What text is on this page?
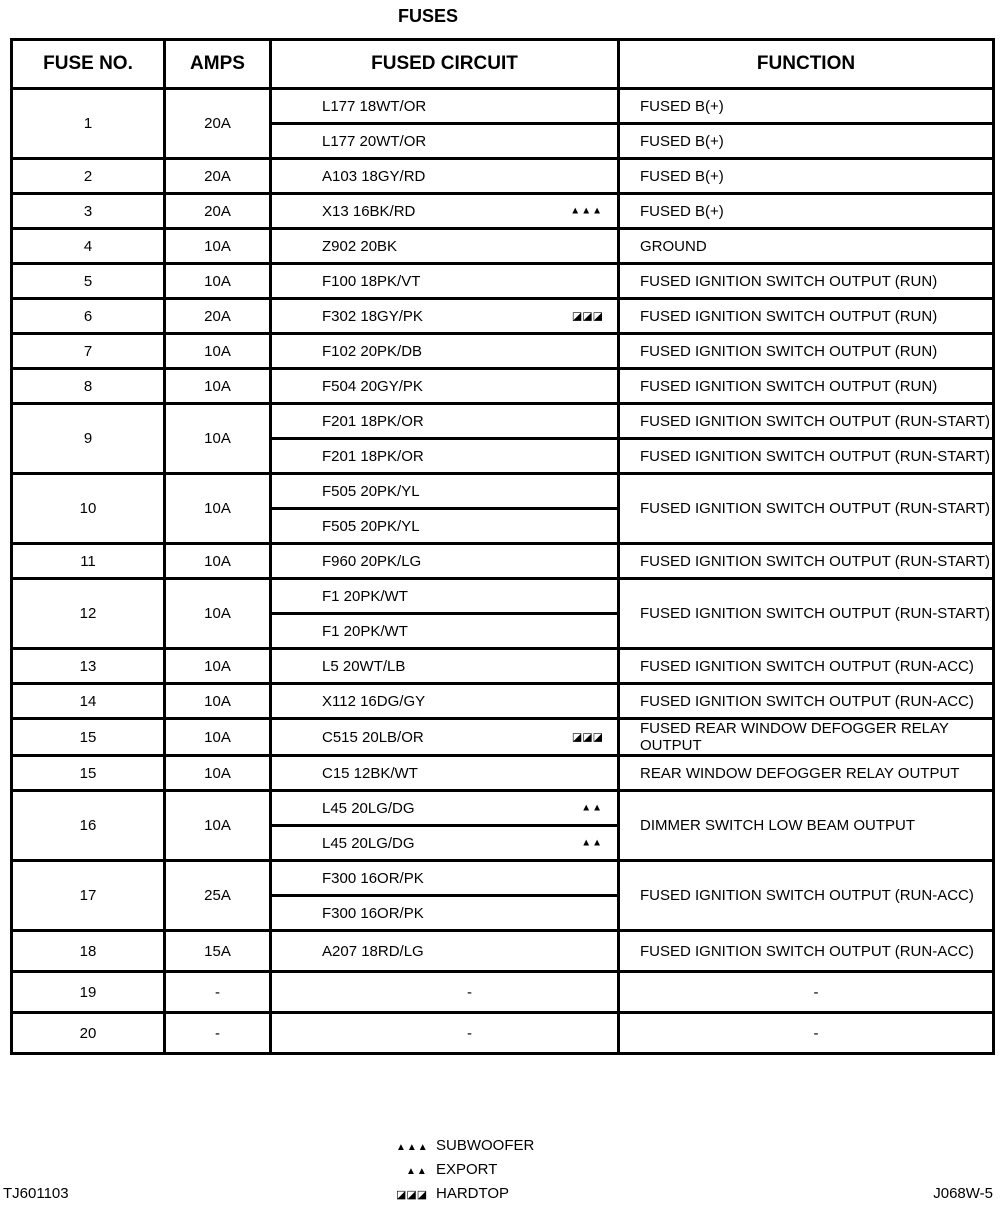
FUSES
FUSE NO.	AMPS	FUSED CIRCUIT	FUNCTION
1	20A	L177 18WT/OR	FUSED B(+)
		L177 20WT/OR	FUSED B(+)
2	20A	A103 18GY/RD	FUSED B(+)
3	20A	X13 16BK/RD ▲▲▲	FUSED B(+)
4	10A	Z902 20BK	GROUND
5	10A	F100 18PK/VT	FUSED IGNITION SWITCH OUTPUT (RUN)
6	20A	F302 18GY/PK ◪◪◪	FUSED IGNITION SWITCH OUTPUT (RUN)
7	10A	F102 20PK/DB	FUSED IGNITION SWITCH OUTPUT (RUN)
8	10A	F504 20GY/PK	FUSED IGNITION SWITCH OUTPUT (RUN)
9	10A	F201 18PK/OR	FUSED IGNITION SWITCH OUTPUT (RUN-START)
		F201 18PK/OR	FUSED IGNITION SWITCH OUTPUT (RUN-START)
10	10A	F505 20PK/YL	FUSED IGNITION SWITCH OUTPUT (RUN-START)
		F505 20PK/YL	
11	10A	F960 20PK/LG	FUSED IGNITION SWITCH OUTPUT (RUN-START)
12	10A	F1 20PK/WT	FUSED IGNITION SWITCH OUTPUT (RUN-START)
		F1 20PK/WT	
13	10A	L5 20WT/LB	FUSED IGNITION SWITCH OUTPUT (RUN-ACC)
14	10A	X112 16DG/GY	FUSED IGNITION SWITCH OUTPUT (RUN-ACC)
15	10A	C515 20LB/OR ◪◪◪	FUSED REAR WINDOW DEFOGGER RELAY OUTPUT
15	10A	C15 12BK/WT	REAR WINDOW DEFOGGER RELAY OUTPUT
16	10A	L45 20LG/DG ▲▲	DIMMER SWITCH LOW BEAM OUTPUT
		L45 20LG/DG ▲▲	

17	25A	F300 16OR/PK	FUSED IGNITION SWITCH OUTPUT (RUN-ACC)
		F300 16OR/PK	
18	15A	A207 18RD/LG	FUSED IGNITION SWITCH OUTPUT (RUN-ACC)
19	-	-	-
20	-	-	-
▲▲▲ SUBWOOFER
▲▲ EXPORT
◪◪◪ HARDTOP
TJ601103	J068W-5
